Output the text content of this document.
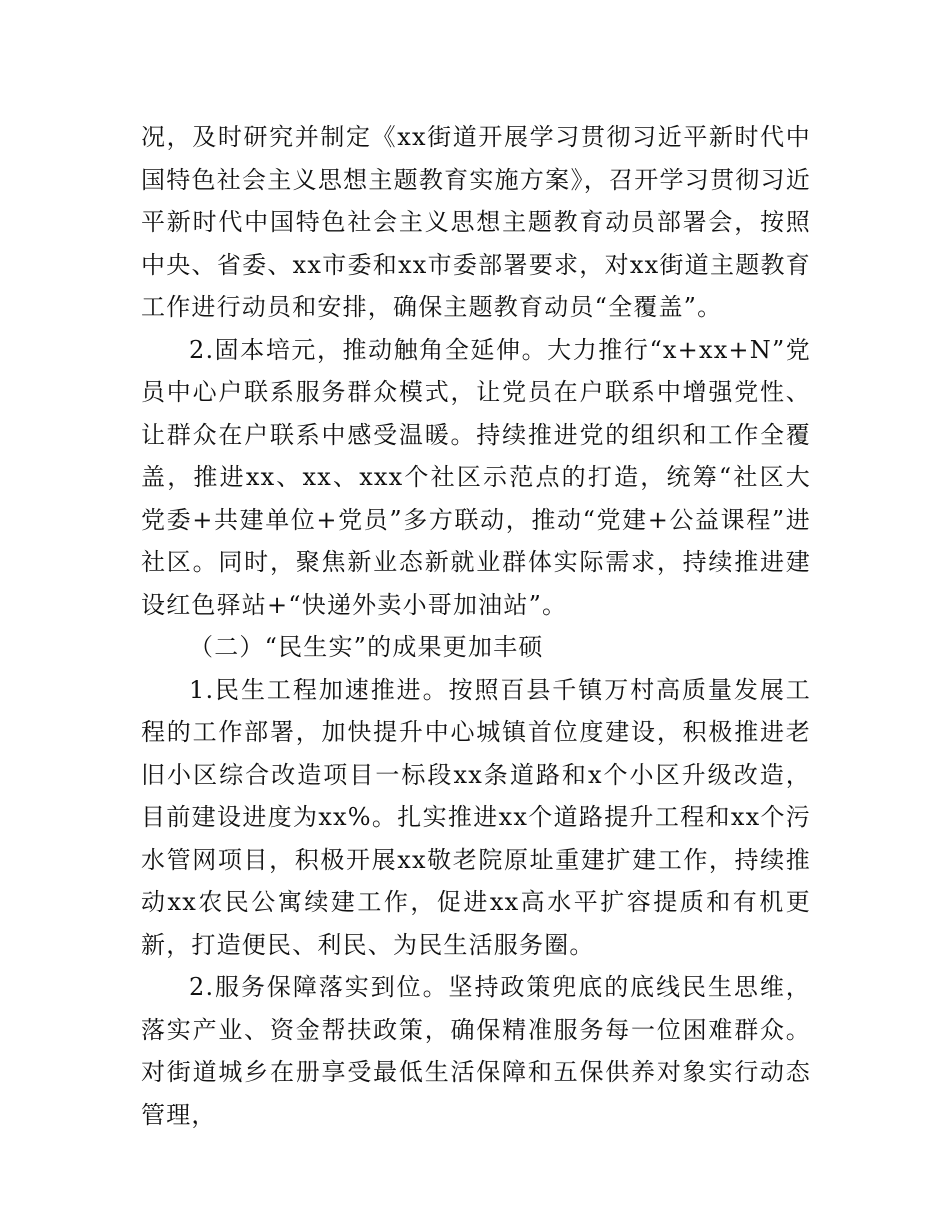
况，及时研究并制定《xx街道开展学习贯彻习近平新时代中国特色社会主义思想主题教育实施方案》，召开学习贯彻习近平新时代中国特色社会主义思想主题教育动员部署会，按照中央、省委、xx市委和xx市委部署要求，对xx街道主题教育工作进行动员和安排，确保主题教育动员“全覆盖”。

2.固本培元，推动触角全延伸。大力推行“x+xx+N”党员中心户联系服务群众模式，让党员在户联系中增强党性、让群众在户联系中感受温暖。持续推进党的组织和工作全覆盖，推进xx、xx、xxx个社区示范点的打造，统筹“社区大党委+共建单位+党员”多方联动，推动“党建+公益课程”进社区。同时，聚焦新业态新就业群体实际需求，持续推进建设红色驿站+“快递外卖小哥加油站”。

（二）“民生实”的成果更加丰硕

1.民生工程加速推进。按照百县千镇万村高质量发展工程的工作部署，加快提升中心城镇首位度建设，积极推进老旧小区综合改造项目一标段xx条道路和x个小区升级改造，目前建设进度为xx%。扎实推进xx个道路提升工程和xx个污水管网项目，积极开展xx敬老院原址重建扩建工作，持续推动xx农民公寓续建工作，促进xx高水平扩容提质和有机更新，打造便民、利民、为民生活服务圈。

2.服务保障落实到位。坚持政策兜底的底线民生思维，落实产业、资金帮扶政策，确保精准服务每一位困难群众。对街道城乡在册享受最低生活保障和五保供养对象实行动态管理，
